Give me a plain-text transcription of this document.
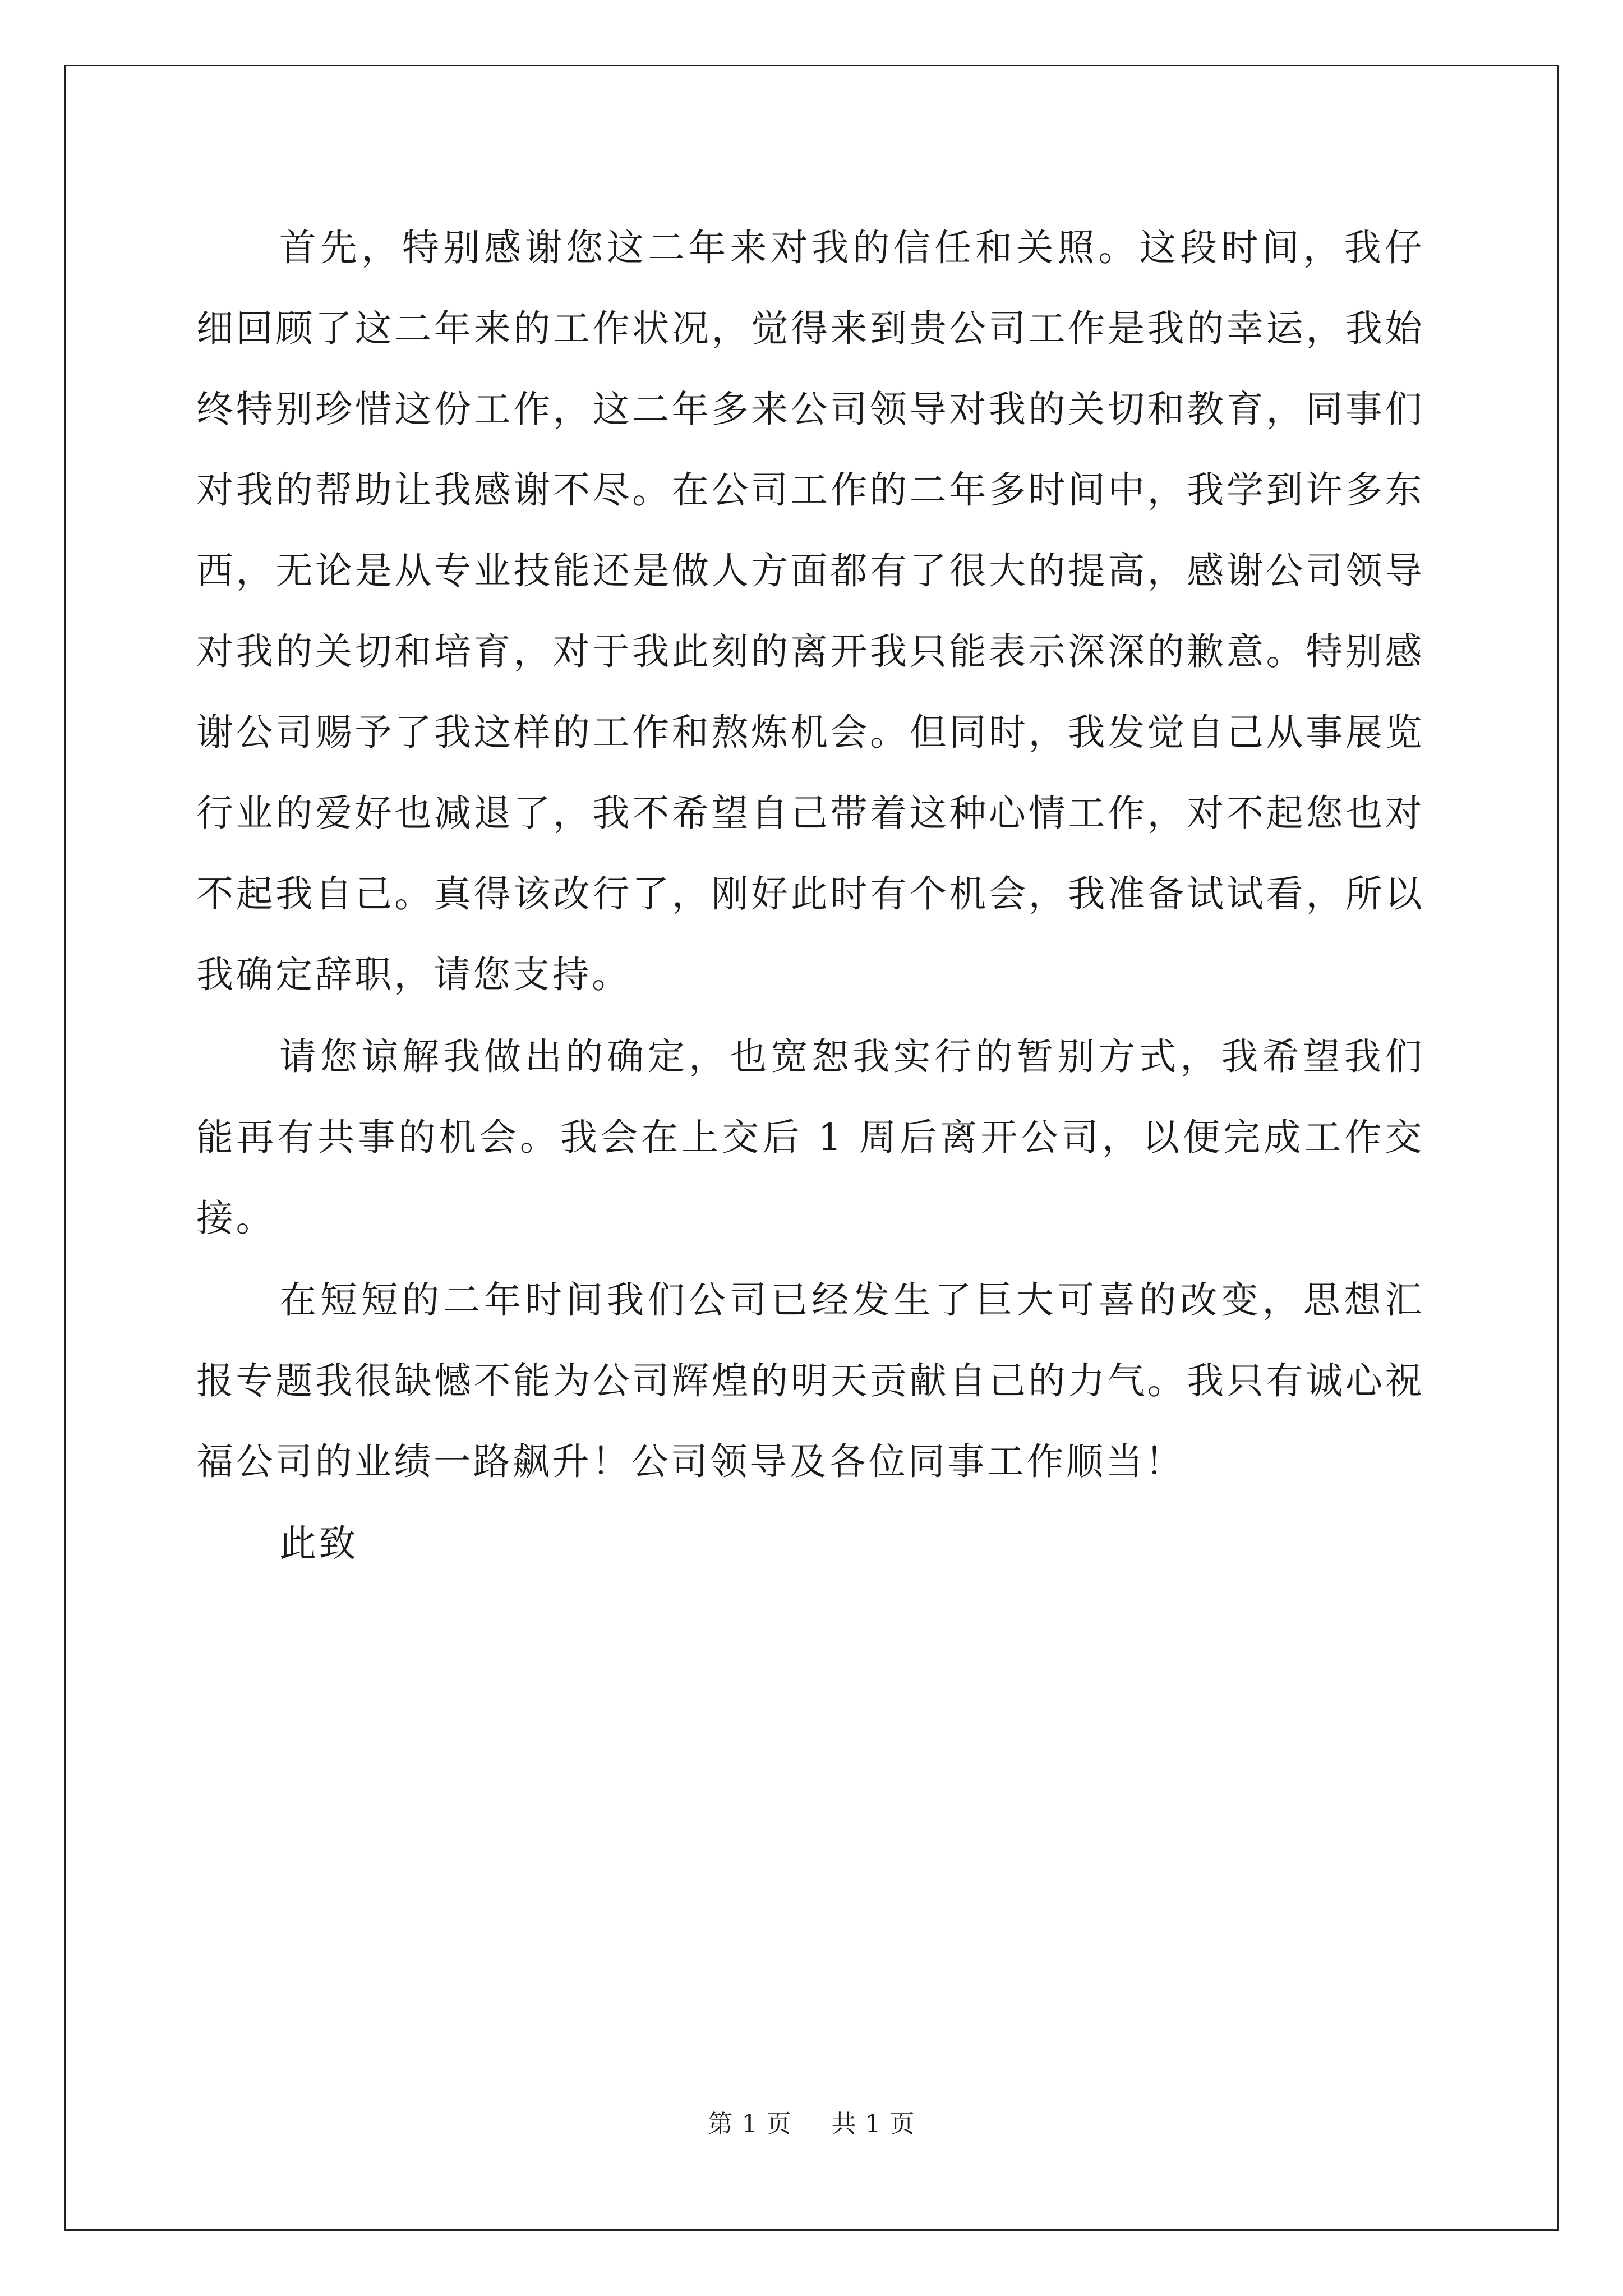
首先，特别感谢您这二年来对我的信任和关照。这段时间，我仔细回顾了这二年来的工作状况，觉得来到贵公司工作是我的幸运，我始终特别珍惜这份工作，这二年多来公司领导对我的关切和教育，同事们对我的帮助让我感谢不尽。在公司工作的二年多时间中，我学到许多东西，无论是从专业技能还是做人方面都有了很大的提高，感谢公司领导对我的关切和培育，对于我此刻的离开我只能表示深深的歉意。特别感谢公司赐予了我这样的工作和熬炼机会。但同时，我发觉自己从事展览行业的爱好也减退了，我不希望自己带着这种心情工作，对不起您也对不起我自己。真得该改行了，刚好此时有个机会，我准备试试看，所以我确定辞职，请您支持。

请您谅解我做出的确定，也宽恕我实行的暂别方式，我希望我们能再有共事的机会。我会在上交后 1 周后离开公司，以便完成工作交接。

在短短的二年时间我们公司已经发生了巨大可喜的改变，思想汇报专题我很缺憾不能为公司辉煌的明天贡献自己的力气。我只有诚心祝福公司的业绩一路飙升！公司领导及各位同事工作顺当！

此致

第 1 页 共 1 页
